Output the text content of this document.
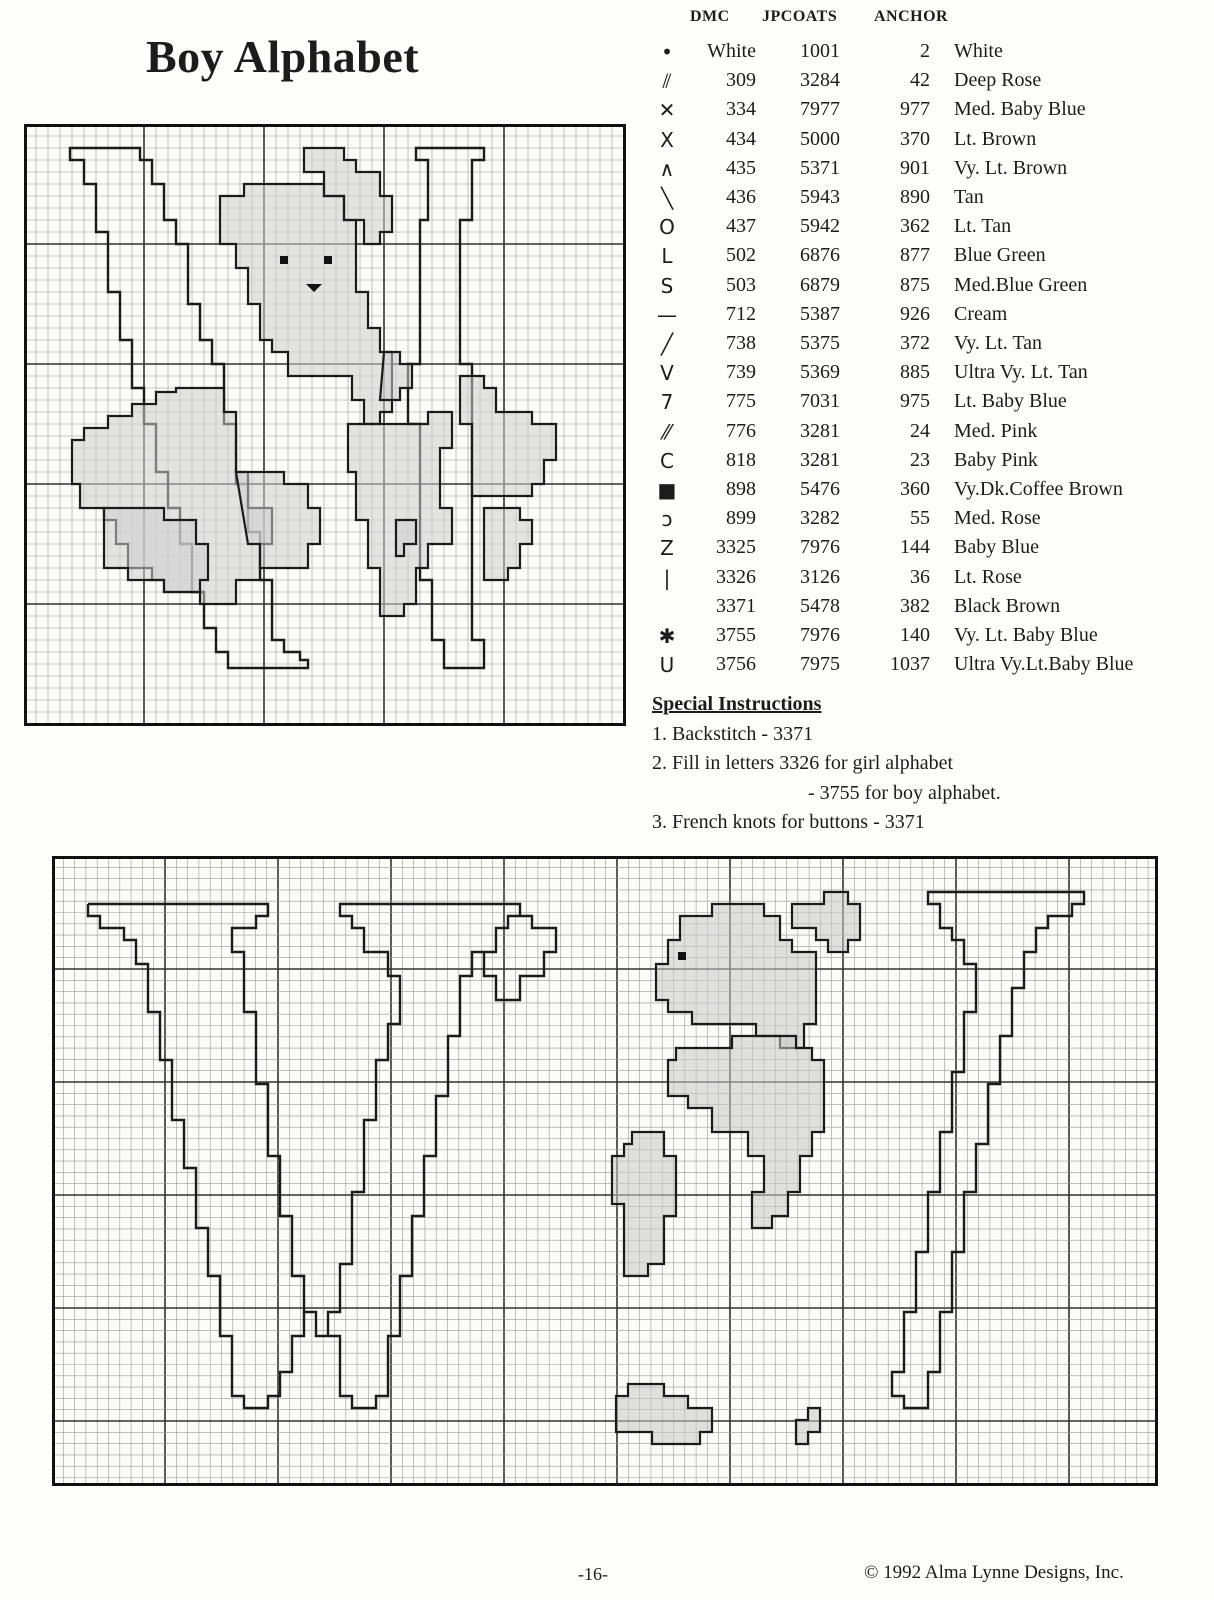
Boy Alphabet
DMC JPCOATS ANCHOR
•	White	1001	2 White
⫽	309	3284	42 Deep Rose
✕	334	7977	977 Med. Baby Blue
X	434	5000	370 Lt. Brown
∧	435	5371	901 Vy. Lt. Brown
╲	436	5943	890 Tan
O	437	5942	362 Lt. Tan
L	502	6876	877 Blue Green
S	503	6879	875 Med.Blue Green
—	712	5387	926 Cream
╱	738	5375	372 Vy. Lt. Tan
V	739	5369	885 Ultra Vy. Lt. Tan
7	775	7031	975 Lt. Baby Blue
⁄⁄	776	3281	24 Med. Pink
C	818	3281	23 Baby Pink
■	898	5476	360 Vy.Dk.Coffee Brown
ↄ	899	3282	55 Med. Rose
Z	3325	7976	144 Baby Blue
|	3326	3126	36 Lt. Rose
3371	5478	382 Black Brown
✱	3755	7976	140 Vy. Lt. Baby Blue
U	3756	7975	1037 Ultra Vy.Lt.Baby Blue
Special Instructions
1. Backstitch - 3371
2. Fill in letters 3326 for girl alphabet
- 3755 for boy alphabet.
3. French knots for buttons - 3371
-16-	© 1992 Alma Lynne Designs, Inc.
